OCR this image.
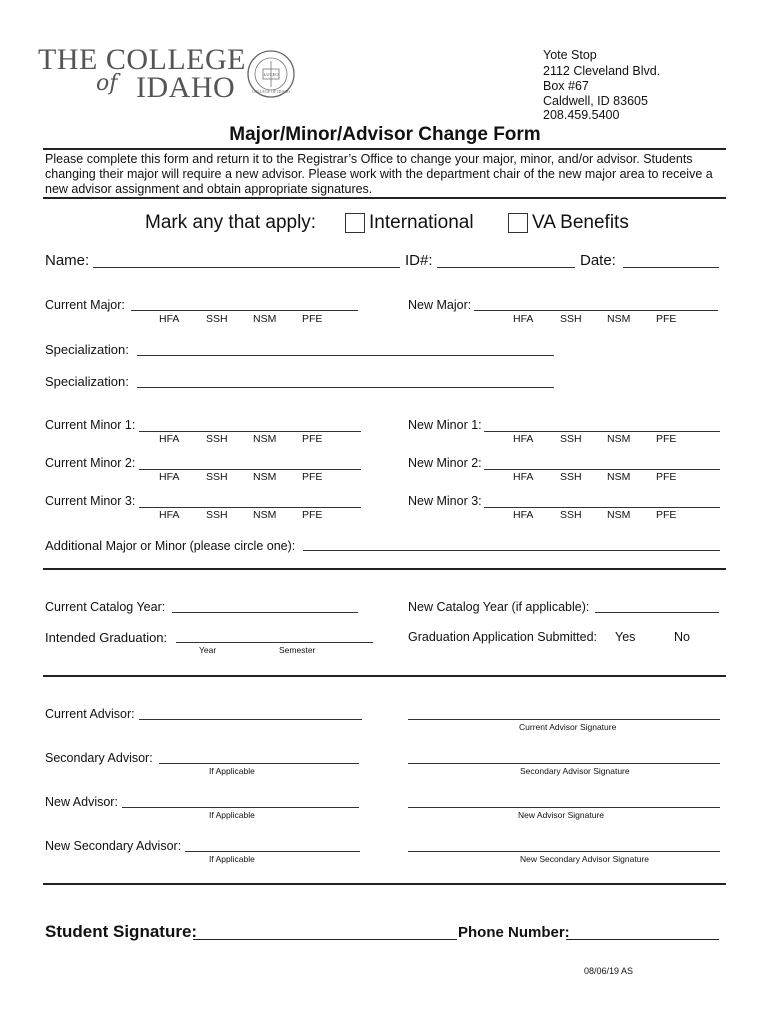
THE COLLEGE
of IDAHO	COLLEGE OF IDAHO
LUCEO
Yote Stop
2112 Cleveland Blvd.
Box #67
Caldwell, ID 83605
208.459.5400
Major/Minor/Advisor Change Form
Please complete this form and return it to the Registrar’s Office to change your major, minor, and/or advisor. Students
changing their major will require a new advisor. Please work with the department chair of the new major area to receive a
new advisor assignment and obtain appropriate signatures.
Mark any that apply:	International	VA Benefits
Name:	ID#:	Date:
Current Major:
HFA	SSH NSM PFE
New Major:
HFA	SSH NSM PFE
Specialization:
Specialization:
Current Minor 1:	New Minor 1:
HFA	SSH NSM PFE	HFA	SSH NSM PFE
Current Minor 2:	New Minor 2:
HFA	SSH NSM PFE	HFA	SSH NSM PFE
Current Minor 3:	New Minor 3:
HFA	SSH NSM PFE	HFA	SSH NSM PFE
Additional Major or Minor (please circle one):
Current Catalog Year:	New Catalog Year (if applicable):
Intended Graduation:
Year	Semester
Graduation Application Submitted: Yes	No
Current Advisor:
Current Advisor Signature
Secondary Advisor:
If Applicable	Secondary Advisor Signature
New Advisor:
If Applicable	New Advisor Signature
New Secondary Advisor:
If Applicable	New Secondary Advisor Signature
Student Signature:	Phone Number:
08/06/19 AS
